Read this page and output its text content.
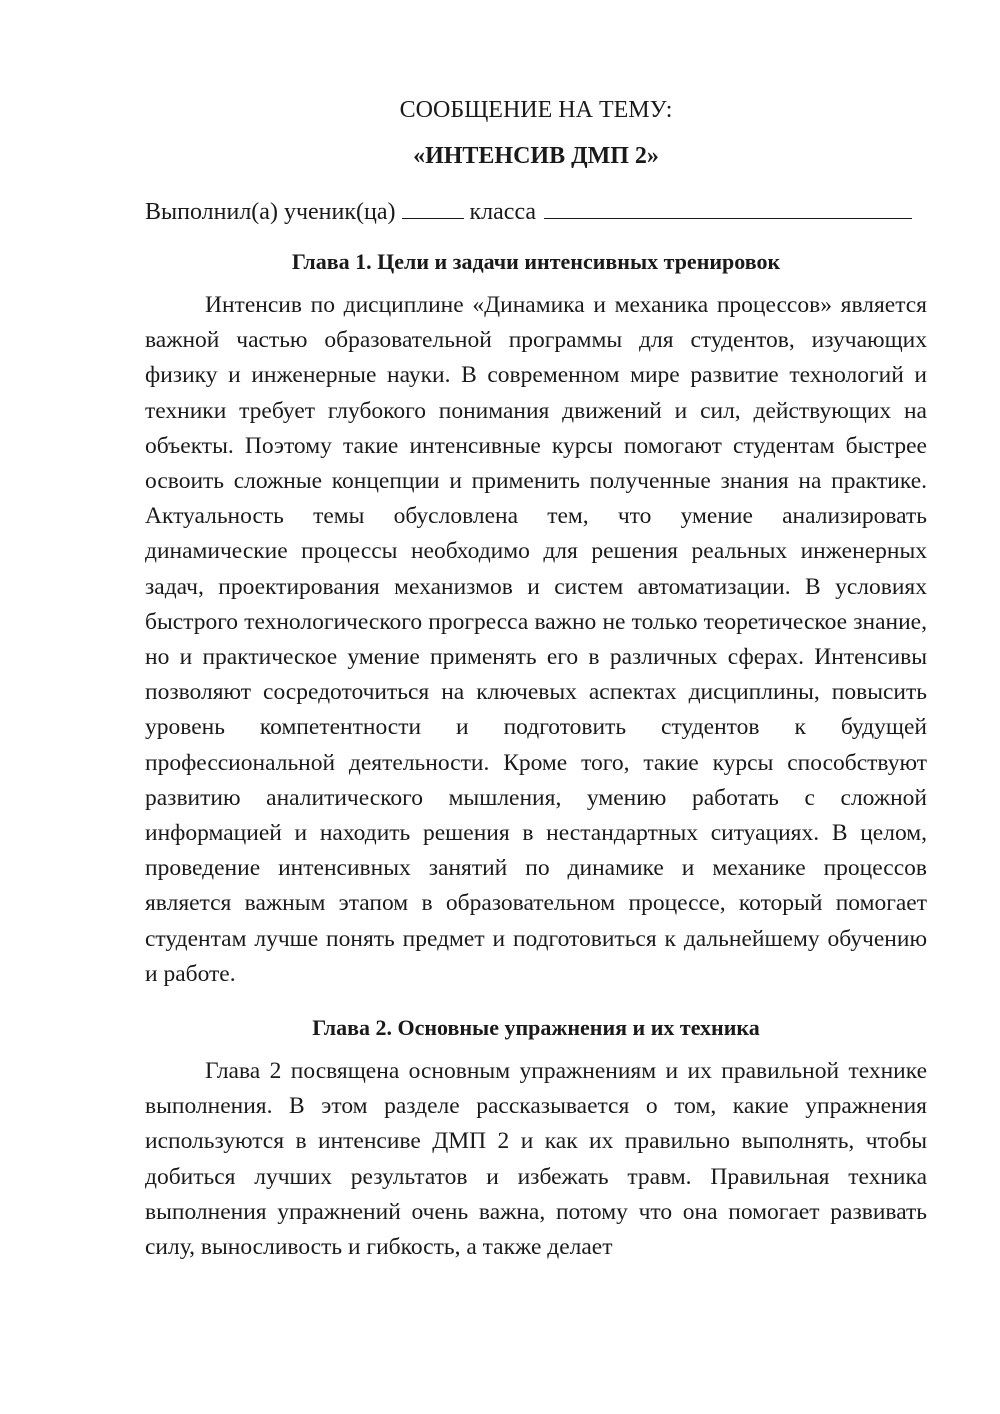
СООБЩЕНИЕ НА ТЕМУ:

«ИНТЕНСИВ ДМП 2»

Выполнил(а) ученик(ца)	класса

Глава 1. Цели и задачи интенсивных тренировок

Интенсив по дисциплине «Динамика и механика процессов» является важной частью образовательной программы для студентов, изучающих физику и инженерные науки. В современном мире развитие технологий и техники требует глубокого понимания движений и сил, действующих на объекты. Поэтому такие интенсивные курсы помогают студентам быстрее освоить сложные концепции и применить полученные знания на практике. Актуальность темы обусловлена тем, что умение анализировать динамические процессы необходимо для решения реальных инженерных задач, проектирования механизмов и систем автоматизации. В условиях быстрого технологического прогресса важно не только теоретическое знание, но и практическое умение применять его в различных сферах. Интенсивы позволяют сосредоточиться на ключевых аспектах дисциплины, повысить уровень компетентности и подготовить студентов к будущей профессиональной деятельности. Кроме того, такие курсы способствуют развитию аналитического мышления, умению работать с сложной информацией и находить решения в нестандартных ситуациях. В целом, проведение интенсивных занятий по динамике и механике процессов является важным этапом в образовательном процессе, который помогает студентам лучше понять предмет и подготовиться к дальнейшему обучению и работе.

Глава 2. Основные упражнения и их техника

Глава 2 посвящена основным упражнениям и их правильной технике выполнения. В этом разделе рассказывается о том, какие упражнения используются в интенсиве ДМП 2 и как их правильно выполнять, чтобы добиться лучших результатов и избежать травм. Правильная техника выполнения упражнений очень важна, потому что она помогает развивать силу, выносливость и гибкость, а также делает
